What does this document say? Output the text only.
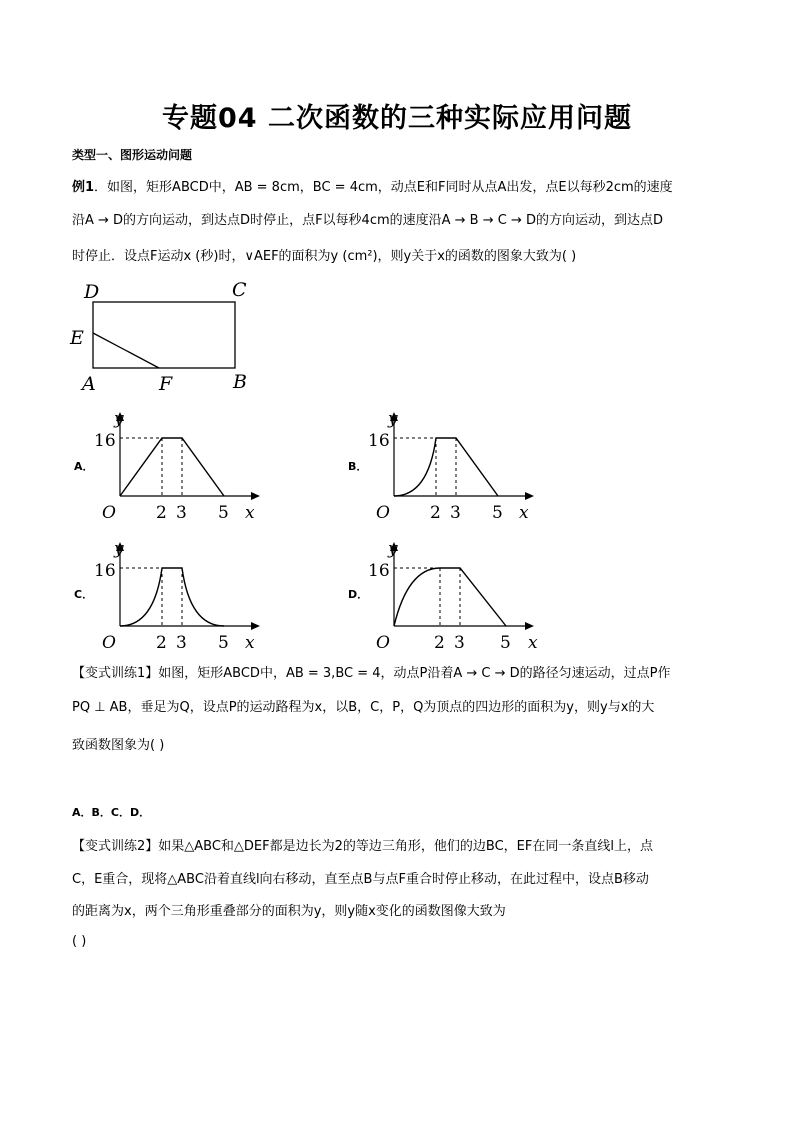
专题04 二次函数的三种实际应用问题
类型一、图形运动问题
例1．如图，矩形ABCD中，AB = 8cm，BC = 4cm，动点E和F同时从点A出发，点E以每秒2cm的速度
沿A → D的方向运动，到达点D时停止，点F以每秒4cm的速度沿A → B → C → D的方向运动，到达点D
时停止．设点F运动x (秒)时，∨AEF的面积为y (cm²)，则y关于x的函数的图象大致为( )
D	C
E
A	F	B
A．	B．
C．	D．
y
16
O 2 3 5 x
y
16
O 2 3 5 x
y
16
O 2 3 5 x
y
16
O	2 3 5 x
【变式训练1】如图，矩形ABCD中，AB = 3,BC = 4，动点P沿着A → C → D的路径匀速运动，过点P作
PQ ⊥ AB，垂足为Q，设点P的运动路程为x，以B，C，P，Q为顶点的四边形的面积为y，则y与x的大
致函数图象为( )
A．B．C．D．
【变式训练2】如果△ABC和△DEF都是边长为2的等边三角形，他们的边BC，EF在同一条直线l上，点
C，E重合，现将△ABC沿着直线l向右移动，直至点B与点F重合时停止移动，在此过程中，设点B移动
的距离为x，两个三角形重叠部分的面积为y，则y随x变化的函数图像大致为
( )
